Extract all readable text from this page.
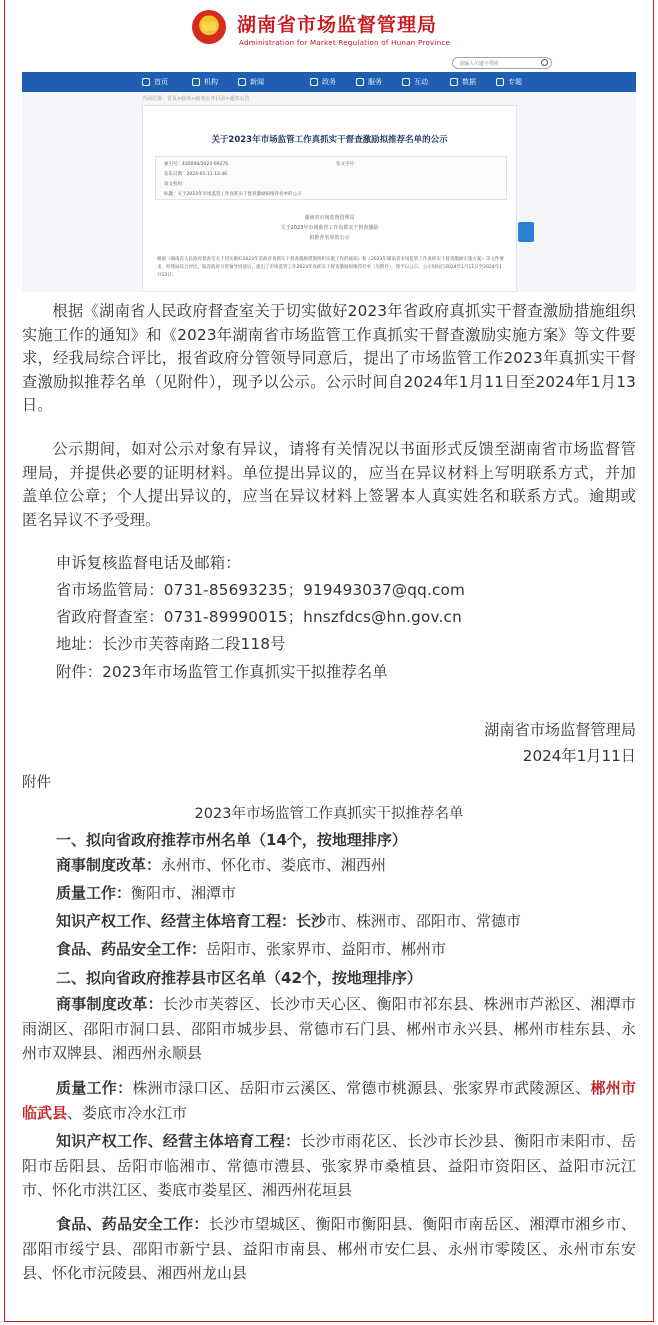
湖南省市场监督管理局
Administration for Market Regulation of Hunan Province
请输入关键字搜索
首页	机构	新闻	政务	服务	互动	数据	专题
当前位置：首页>政务>政务公开目录>通知公告
关于2023年市场监管工作真抓实干督查激励拟推荐名单的公示
索引号：430000/2024-00276	发文字号：
发布日期：2024-01-11 12:46
发文机构：
标题：关于2023年市场监管工作真抓实干督查激励拟推荐名单的公示
湖南省市场监督管理局
关于2023年市场监管工作真抓实干督查激励
拟推荐名单的公示
根据《湖南省人民政府督查室关于切实做好2023年省政府真抓实干督查激励措施组织实施工作的通知》和《2023年湖南省市场监管工作真抓实干督查激励实施方案》等文件要求，经我局综合评比，报省政府分管领导同意后，提出了市场监管工作2023年真抓实干督查激励拟推荐名单（见附件），现予以公示。公示时间自2024年1月11日至2024年1月13日。
根据《湖南省人民政府督查室关于切实做好2023年省政府真抓实干督查激励措施组织实施工作的通知》和《2023年湖南省市场监管工作真抓实干督查激励实施方案》等文件要求，经我局综合评比，报省政府分管领导同意后，提出了市场监管工作2023年真抓实干督查激励拟推荐名单（见附件），现予以公示。公示时间自2024年1月11日至2024年1月13日。
公示期间，如对公示对象有异议，请将有关情况以书面形式反馈至湖南省市场监督管理局，并提供必要的证明材料。单位提出异议的，应当在异议材料上写明联系方式，并加盖单位公章；个人提出异议的，应当在异议材料上签署本人真实姓名和联系方式。逾期或匿名异议不予受理。
申诉复核监督电话及邮箱：
省市场监管局：0731-85693235；919493037@qq.com
省政府督查室：0731-89990015；hnszfdcs@hn.gov.cn
地址：长沙市芙蓉南路二段118号
附件：2023年市场监管工作真抓实干拟推荐名单
湖南省市场监督管理局
2024年1月11日
附件
2023年市场监管工作真抓实干拟推荐名单
一、拟向省政府推荐市州名单（14个，按地理排序）
商事制度改革：永州市、怀化市、娄底市、湘西州
质量工作：衡阳市、湘潭市
知识产权工作、经营主体培育工程：长沙市、株洲市、邵阳市、常德市
食品、药品安全工作：岳阳市、张家界市、益阳市、郴州市
二、拟向省政府推荐县市区名单（42个，按地理排序）
商事制度改革：长沙市芙蓉区、长沙市天心区、衡阳市祁东县、株洲市芦淞区、湘潭市雨湖区、邵阳市洞口县、邵阳市城步县、常德市石门县、郴州市永兴县、郴州市桂东县、永州市双牌县、湘西州永顺县
质量工作：株洲市渌口区、岳阳市云溪区、常德市桃源县、张家界市武陵源区、郴州市临武县、娄底市冷水江市
知识产权工作、经营主体培育工程：长沙市雨花区、长沙市长沙县、衡阳市耒阳市、岳阳市岳阳县、岳阳市临湘市、常德市澧县、张家界市桑植县、益阳市资阳区、益阳市沅江市、怀化市洪江区、娄底市娄星区、湘西州花垣县
食品、药品安全工作：长沙市望城区、衡阳市衡阳县、衡阳市南岳区、湘潭市湘乡市、邵阳市绥宁县、邵阳市新宁县、益阳市南县、郴州市安仁县、永州市零陵区、永州市东安县、怀化市沅陵县、湘西州龙山县
